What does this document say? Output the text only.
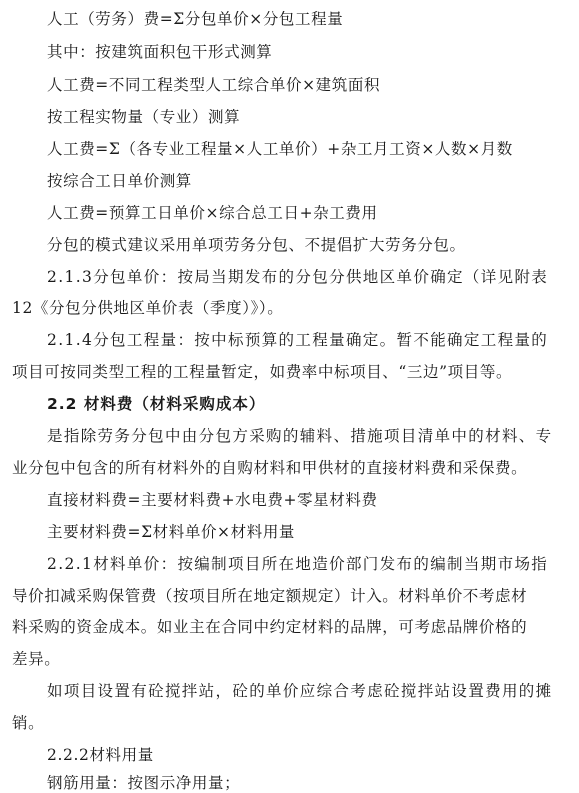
人工（劳务）费=Σ分包单价×分包工程量
其中：按建筑面积包干形式测算
人工费=不同工程类型人工综合单价×建筑面积
按工程实物量（专业）测算
人工费=Σ（各专业工程量×人工单价）+杂工月工资×人数×月数
按综合工日单价测算
人工费=预算工日单价×综合总工日+杂工费用
分包的模式建议采用单项劳务分包、不提倡扩大劳务分包。
2.1.3分包单价：按局当期发布的分包分供地区单价确定（详见附表
12《分包分供地区单价表（季度）》）。
2.1.4分包工程量：按中标预算的工程量确定。暂不能确定工程量的
项目可按同类型工程的工程量暂定，如费率中标项目、“三边”项目等。
2.2 材料费（材料采购成本）
是指除劳务分包中由分包方采购的辅料、措施项目清单中的材料、专
业分包中包含的所有材料外的自购材料和甲供材的直接材料费和采保费。
直接材料费=主要材料费+水电费+零星材料费
主要材料费=Σ材料单价×材料用量
2.2.1材料单价：按编制项目所在地造价部门发布的编制当期市场指
导价扣减采购保管费（按项目所在地定额规定）计入。材料单价不考虑材
料采购的资金成本。如业主在合同中约定材料的品牌，可考虑品牌价格的
差异。
如项目设置有砼搅拌站，砼的单价应综合考虑砼搅拌站设置费用的摊
销。
2.2.2材料用量
钢筋用量：按图示净用量；
